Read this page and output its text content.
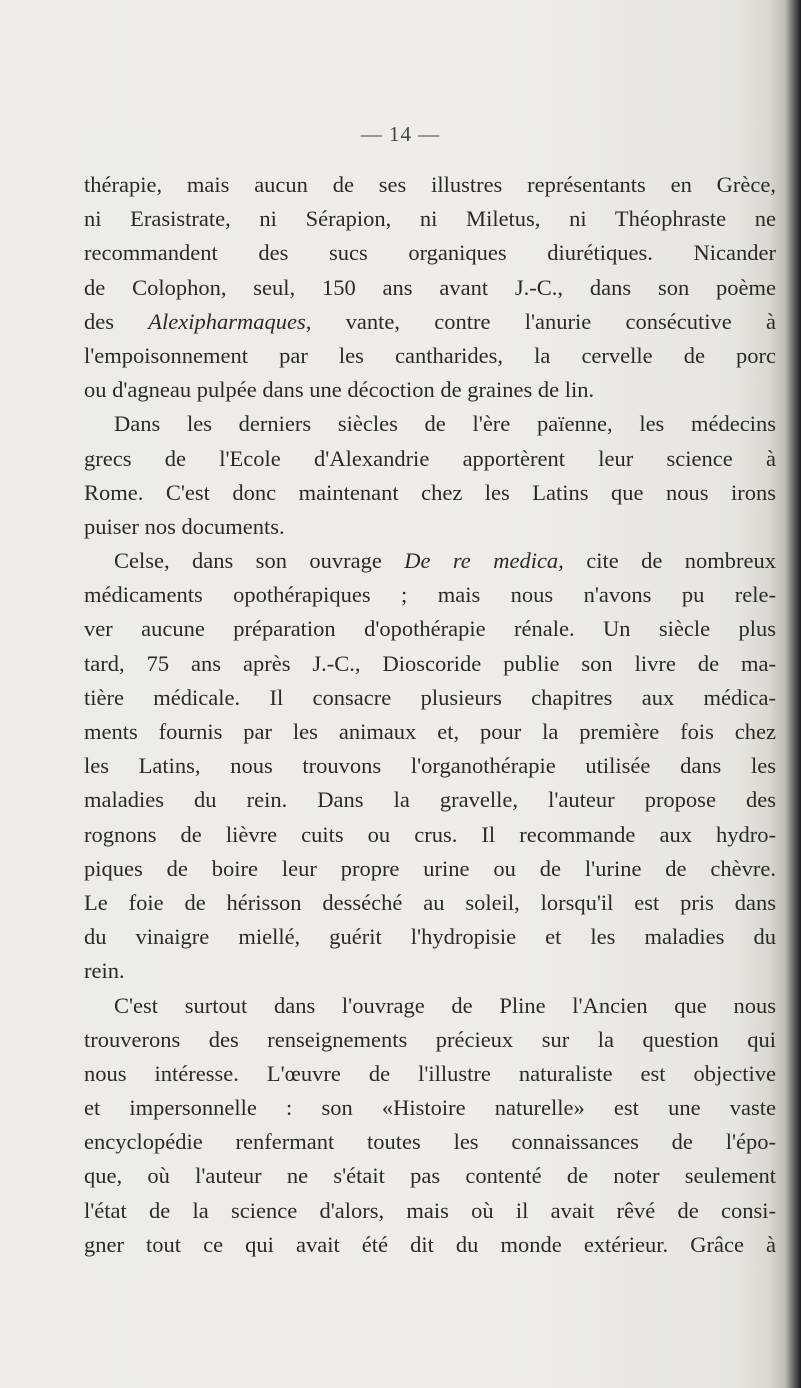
— 14 —
thérapie, mais aucun de ses illustres représentants en Grèce,
ni Erasistrate, ni Sérapion, ni Miletus, ni Théophraste ne
recommandent des sucs organiques diurétiques. Nicander
de Colophon, seul, 150 ans avant J.-C., dans son poème
des Alexipharmaques, vante, contre l'anurie consécutive à
l'empoisonnement par les cantharides, la cervelle de porc
ou d'agneau pulpée dans une décoction de graines de lin.
Dans les derniers siècles de l'ère païenne, les médecins
grecs de l'Ecole d'Alexandrie apportèrent leur science à
Rome. C'est donc maintenant chez les Latins que nous irons
puiser nos documents.
Celse, dans son ouvrage De re medica, cite de nombreux
médicaments opothérapiques ; mais nous n'avons pu rele-
ver aucune préparation d'opothérapie rénale. Un siècle plus
tard, 75 ans après J.-C., Dioscoride publie son livre de ma-
tière médicale. Il consacre plusieurs chapitres aux médica-
ments fournis par les animaux et, pour la première fois chez
les Latins, nous trouvons l'organothérapie utilisée dans les
maladies du rein. Dans la gravelle, l'auteur propose des
rognons de lièvre cuits ou crus. Il recommande aux hydro-
piques de boire leur propre urine ou de l'urine de chèvre.
Le foie de hérisson desséché au soleil, lorsqu'il est pris dans
du vinaigre miellé, guérit l'hydropisie et les maladies du
rein.
C'est surtout dans l'ouvrage de Pline l'Ancien que nous
trouverons des renseignements précieux sur la question qui
nous intéresse. L'œuvre de l'illustre naturaliste est objective
et impersonnelle : son «Histoire naturelle» est une vaste
encyclopédie renfermant toutes les connaissances de l'épo-
que, où l'auteur ne s'était pas contenté de noter seulement
l'état de la science d'alors, mais où il avait rêvé de consi-
gner tout ce qui avait été dit du monde extérieur. Grâce à
